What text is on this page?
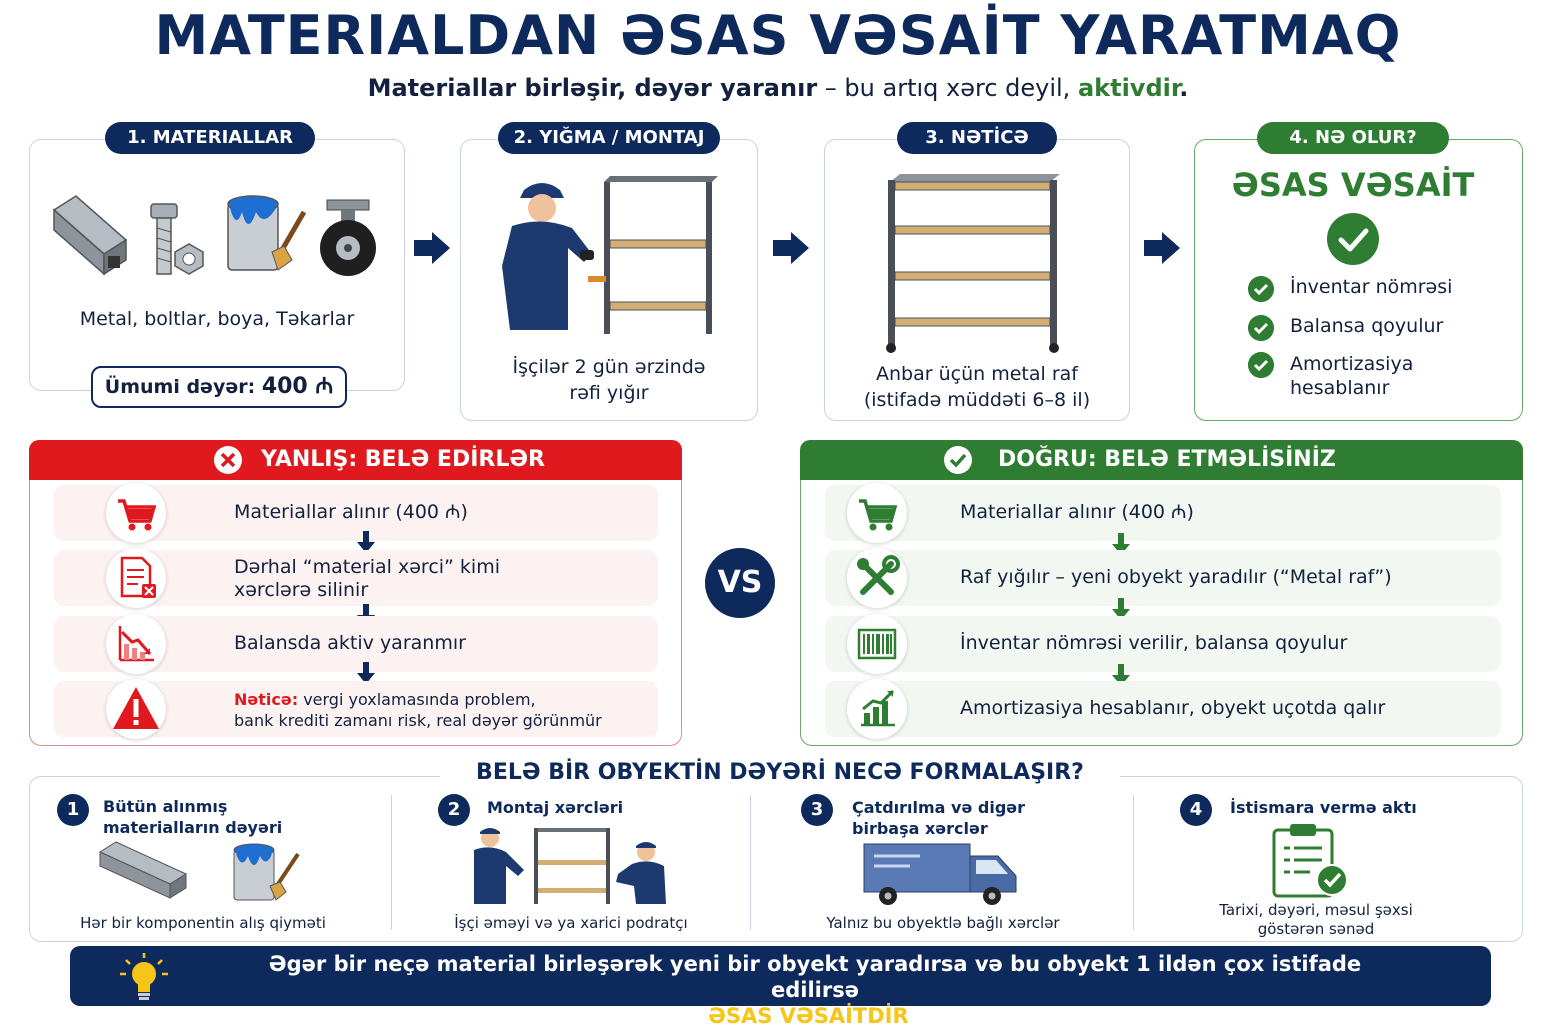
MATERIALDAN ƏSAS VƏSAİT YARATMAQ
Materiallar birləşir, dəyər yaranır – bu artıq xərc deyil, aktivdir.
1. MATERIALLAR
Metal, boltlar, boya, Təkarlar
Ümumi dəyər: 400 ₼
2. YIĞMA / MONTAJ
İşçilər 2 gün ərzində
rəfi yığır
3. NƏTİCƏ
Anbar üçün metal raf
(istifadə müddəti 6–8 il)
4. NƏ OLUR?
ƏSAS VƏSAİT
İnventar nömrəsi
Balansa qoyulur
Amortizasiya hesablanır
YANLIŞ: BELƏ EDİRLƏR
Materiallar alınır (400 ₼)
Dərhal “material xərci” kimi
xərclərə silinir
Balansda aktiv yaranmır
Nəticə: vergi yoxlamasında problem,
bank krediti zamanı risk, real dəyər görünmür
VS
DOĞRU: BELƏ ETMƏLİSİNİZ
Materiallar alınır (400 ₼)
Raf yığılır – yeni obyekt yaradılır (“Metal raf”)
İnventar nömrəsi verilir, balansa qoyulur
Amortizasiya hesablanır, obyekt uçotda qalır
BELƏ BİR OBYEKTİN DƏYƏRİ NECƏ FORMALAŞIR?
1	Bütün alınmış
materialların dəyəri
Hər bir komponentin alış qiyməti
2	Montaj xərcləri
İşçi əməyi və ya xarici podratçı
3	Çatdırılma və digər
birbaşa xərclər
Yalnız bu obyektlə bağlı xərclər
4	İstismara vermə aktı
Tarixi, dəyəri, məsul şəxsi
göstərən sənəd
Əgər bir neçə material birləşərək yeni bir obyekt yaradırsa və bu obyekt 1 ildən çox istifade edilirsə
– bu, artıq ƏSAS VƏSAİTDİR, xərc deyil!
